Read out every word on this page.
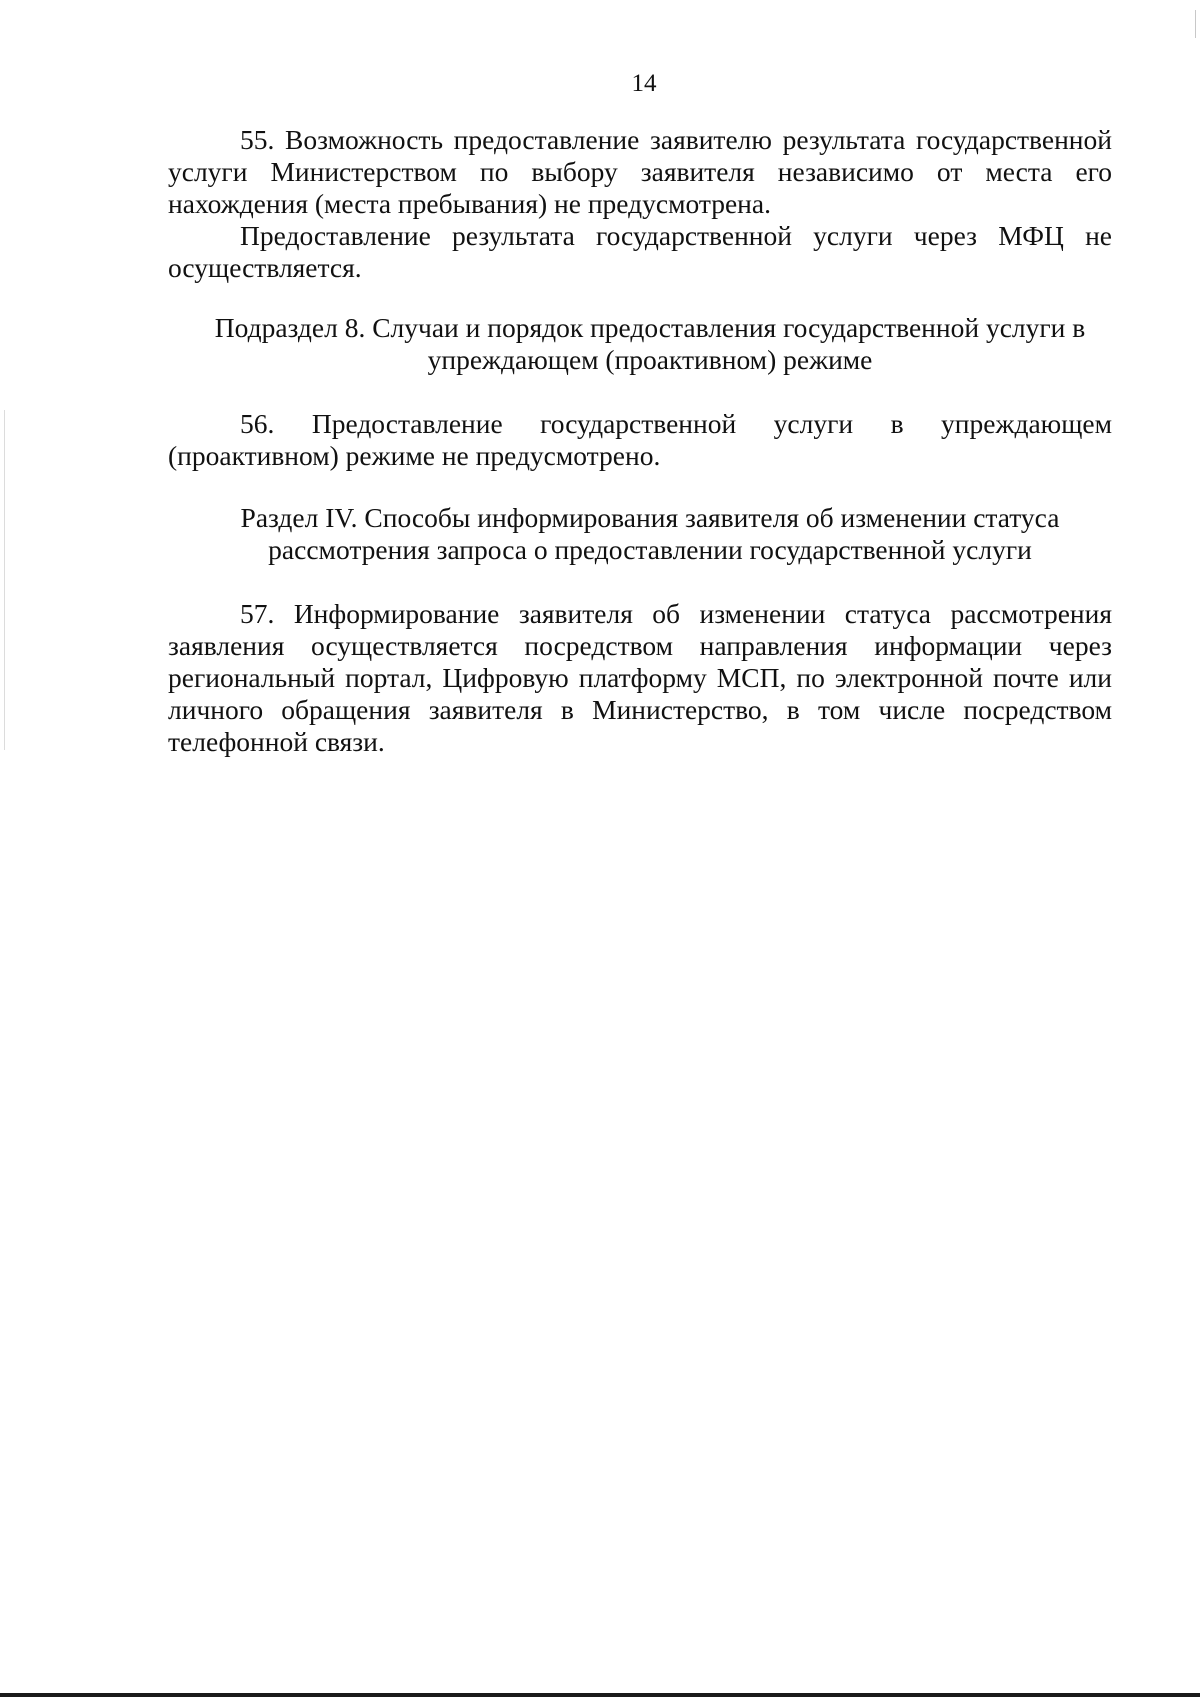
14

55. Возможность предоставление заявителю результата государственной услуги Министерством по выбору заявителя независимо от места его нахождения (места пребывания) не предусмотрена.

Предоставление результата государственной услуги через МФЦ не осуществляется.

Подраздел 8. Случаи и порядок предоставления государственной услуги в
упреждающем (проактивном) режиме

56. Предоставление государственной услуги в упреждающем (проактивном) режиме не предусмотрено.

Раздел IV. Способы информирования заявителя об изменении статуса
рассмотрения запроса о предоставлении государственной услуги

57. Информирование заявителя об изменении статуса рассмотрения заявления осуществляется посредством направления информации через региональный портал, Цифровую платформу МСП, по электронной почте или личного обращения заявителя в Министерство, в том числе посредством телефонной связи.
